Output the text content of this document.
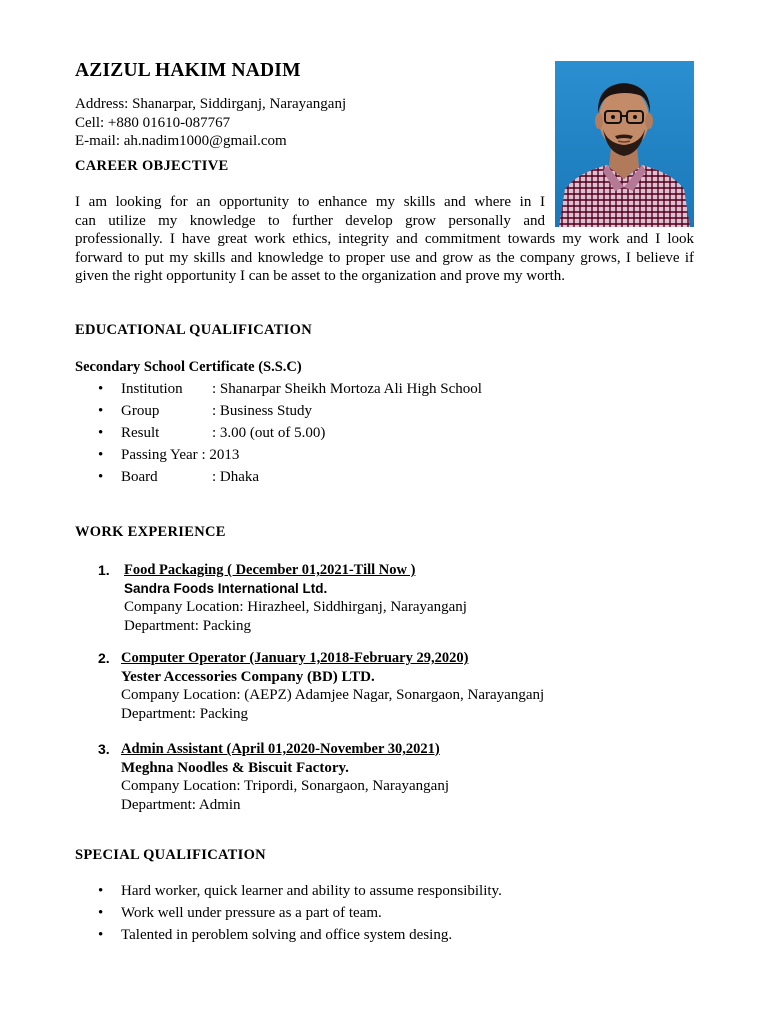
AZIZUL HAKIM NADIM
Address: Shanarpar, Siddirganj, Narayanganj
Cell: +880 01610-087767
E-mail: ah.nadim1000@gmail.com
CAREER OBJECTIVE
I am looking for an opportunity to enhance my skills and where in I
can utilize my knowledge to further develop grow personally and
professionally. I have great work ethics, integrity and commitment towards my work and I look forward to put my skills and knowledge to proper use and grow as the company grows, I believe if given the right opportunity I can be asset to the organization and prove my worth.
EDUCATIONAL QUALIFICATION
Secondary School Certificate (S.S.C)
• Institution : Shanarpar Sheikh Mortoza Ali High School
• Group	: Business Study
• Result	: 3.00 (out of 5.00)
• Passing Year : 2013
• Board	: Dhaka
WORK EXPERIENCE
1. Food Packaging ( December 01,2021-Till Now )
Sandra Foods International Ltd.
Company Location: Hirazheel, Siddhirganj, Narayanganj
Department: Packing
2. Computer Operator (January 1,2018-February 29,2020)
Yester Accessories Company (BD) LTD.
Company Location: (AEPZ) Adamjee Nagar, Sonargaon, Narayanganj
Department: Packing
3. Admin Assistant (April 01,2020-November 30,2021)
Meghna Noodles & Biscuit Factory.
Company Location: Tripordi, Sonargaon, Narayanganj
Department: Admin
SPECIAL QUALIFICATION
• Hard worker, quick learner and ability to assume responsibility.
• Work well under pressure as a part of team.
• Talented in peroblem solving and office system desing.
